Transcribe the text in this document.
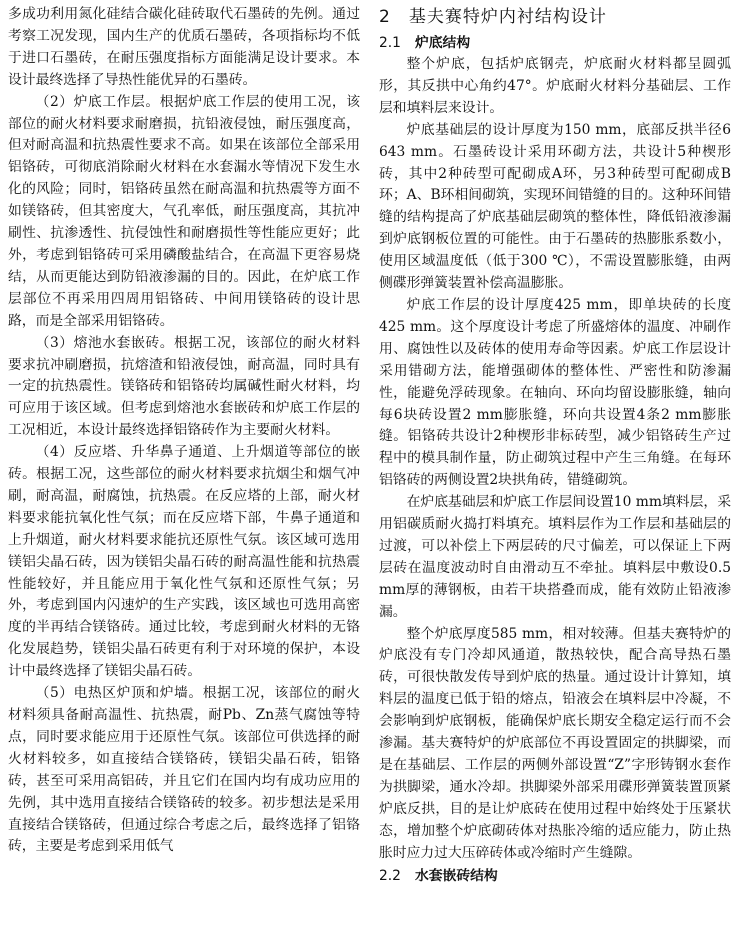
多成功利用氮化硅结合碳化硅砖取代石墨砖的先例。通过考察工况发现，国内生产的优质石墨砖，各项指标均不低于进口石墨砖，在耐压强度指标方面能满足设计要求。本设计最终选择了导热性能优异的石墨砖。

（2）炉底工作层。根据炉底工作层的使用工况，该部位的耐火材料要求耐磨损，抗铅液侵蚀，耐压强度高，但对耐高温和抗热震性要求不高。如果在该部位全部采用铝铬砖，可彻底消除耐火材料在水套漏水等情况下发生水化的风险；同时，铝铬砖虽然在耐高温和抗热震等方面不如镁铬砖，但其密度大，气孔率低，耐压强度高，其抗冲刷性、抗渗透性、抗侵蚀性和耐磨损性等性能应更好；此外，考虑到铝铬砖可采用磷酸盐结合，在高温下更容易烧结，从而更能达到防铅液渗漏的目的。因此，在炉底工作层部位不再采用四周用铝铬砖、中间用镁铬砖的设计思路，而是全部采用铝铬砖。

（3）熔池水套嵌砖。根据工况，该部位的耐火材料要求抗冲刷磨损，抗熔渣和铅液侵蚀，耐高温，同时具有一定的抗热震性。镁铬砖和铝铬砖均属碱性耐火材料，均可应用于该区域。但考虑到熔池水套嵌砖和炉底工作层的工况相近，本设计最终选择铝铬砖作为主要耐火材料。

（4）反应塔、升华鼻子通道、上升烟道等部位的嵌砖。根据工况，这些部位的耐火材料要求抗烟尘和烟气冲刷，耐高温，耐腐蚀，抗热震。在反应塔的上部，耐火材料要求能抗氧化性气氛；而在反应塔下部，牛鼻子通道和上升烟道，耐火材料要求能抗还原性气氛。该区域可选用镁铝尖晶石砖，因为镁铝尖晶石砖的耐高温性能和抗热震性能较好，并且能应用于氧化性气氛和还原性气氛；另外，考虑到国内闪速炉的生产实践，该区域也可选用高密度的半再结合镁铬砖。通过比较，考虑到耐火材料的无铬化发展趋势，镁铝尖晶石砖更有利于对环境的保护，本设计中最终选择了镁铝尖晶石砖。

（5）电热区炉顶和炉墙。根据工况，该部位的耐火材料须具备耐高温性、抗热震，耐Pb、Zn蒸气腐蚀等特点，同时要求能应用于还原性气氛。该部位可供选择的耐火材料较多，如直接结合镁铬砖，镁铝尖晶石砖，铝铬砖，甚至可采用高铝砖，并且它们在国内均有成功应用的先例，其中选用直接结合镁铬砖的较多。初步想法是采用直接结合镁铬砖，但通过综合考虑之后，最终选择了铝铬砖，主要是考虑到采用低气

2　基夫赛特炉内衬结构设计
2.1 炉底结构

整个炉底，包括炉底钢壳，炉底耐火材料都呈圆弧形，其反拱中心角约47°。炉底耐火材料分基础层、工作层和填料层来设计。

炉底基础层的设计厚度为150 mm，底部反拱半径6 643 mm。石墨砖设计采用环砌方法，共设计5种楔形砖，其中2种砖型可配砌成A环，另3种砖型可配砌成B环；A、B环相间砌筑，实现环间错缝的目的。这种环间错缝的结构提高了炉底基础层砌筑的整体性，降低铅液渗漏到炉底钢板位置的可能性。由于石墨砖的热膨胀系数小，使用区域温度低（低于300 ℃），不需设置膨胀缝，由两侧碟形弹簧装置补偿高温膨胀。

炉底工作层的设计厚度425 mm，即单块砖的长度425 mm。这个厚度设计考虑了所盛熔体的温度、冲刷作用、腐蚀性以及砖体的使用寿命等因素。炉底工作层设计采用错砌方法，能增强砌体的整体性、严密性和防渗漏性，能避免浮砖现象。在轴向、环向均留设膨胀缝，轴向每6块砖设置2 mm膨胀缝，环向共设置4条2 mm膨胀缝。铝铬砖共设计2种楔形非标砖型，减少铝铬砖生产过程中的模具制作量，防止砌筑过程中产生三角缝。在每环铝铬砖的两侧设置2块拱角砖，错缝砌筑。

在炉底基础层和炉底工作层间设置10 mm填料层，采用铝碳质耐火捣打料填充。填料层作为工作层和基础层的过渡，可以补偿上下两层砖的尺寸偏差，可以保证上下两层砖在温度波动时自由滑动互不牵扯。填料层中敷设0.5 mm厚的薄钢板，由若干块搭叠而成，能有效防止铅液渗漏。

整个炉底厚度585 mm，相对较薄。但基夫赛特炉的炉底没有专门冷却风通道，散热较快，配合高导热石墨砖，可很快散发传导到炉底的热量。通过设计计算知，填料层的温度已低于铅的熔点，铅液会在填料层中冷凝，不会影响到炉底钢板，能确保炉底长期安全稳定运行而不会渗漏。基夫赛特炉的炉底部位不再设置固定的拱脚梁，而是在基础层、工作层的两侧外部设置“Z”字形铸钢水套作为拱脚梁，通水冷却。拱脚梁外部采用碟形弹簧装置顶紧炉底反拱，目的是让炉底砖在使用过程中始终处于压紧状态，增加整个炉底砌砖体对热胀冷缩的适应能力，防止热胀时应力过大压碎砖体或冷缩时产生缝隙。

2.2 水套嵌砖结构
